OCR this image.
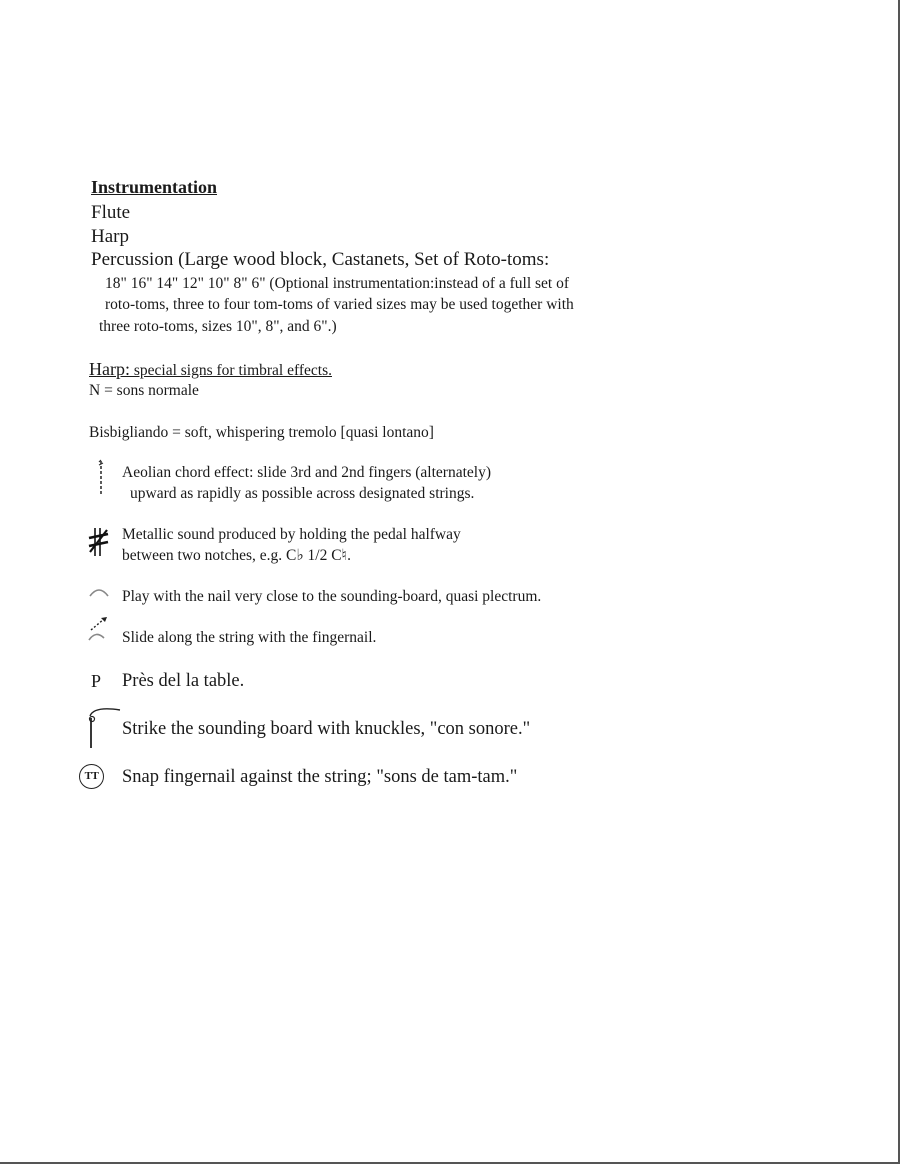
Instrumentation
Flute
Harp
Percussion (Large wood block, Castanets, Set of Roto-toms:
18" 16" 14" 12" 10" 8" 6" (Optional instrumentation:instead of a full set of
roto-toms, three to four tom-toms of varied sizes may be used together with
three roto-toms, sizes 10", 8", and 6".)
Harp: special signs for timbral effects.
N = sons normale
Bisbigliando = soft, whispering tremolo [quasi lontano]
Aeolian chord effect: slide 3rd and 2nd fingers (alternately)
upward as rapidly as possible across designated strings.
Metallic sound produced by holding the pedal halfway
between two notches, e.g. C♭ 1/2 C♮.
Play with the nail very close to the sounding-board, quasi plectrum.
Slide along the string with the fingernail.
P Près del la table.
Strike the sounding board with knuckles, "con sonore."
TT	Snap fingernail against the string; "sons de tam-tam."
